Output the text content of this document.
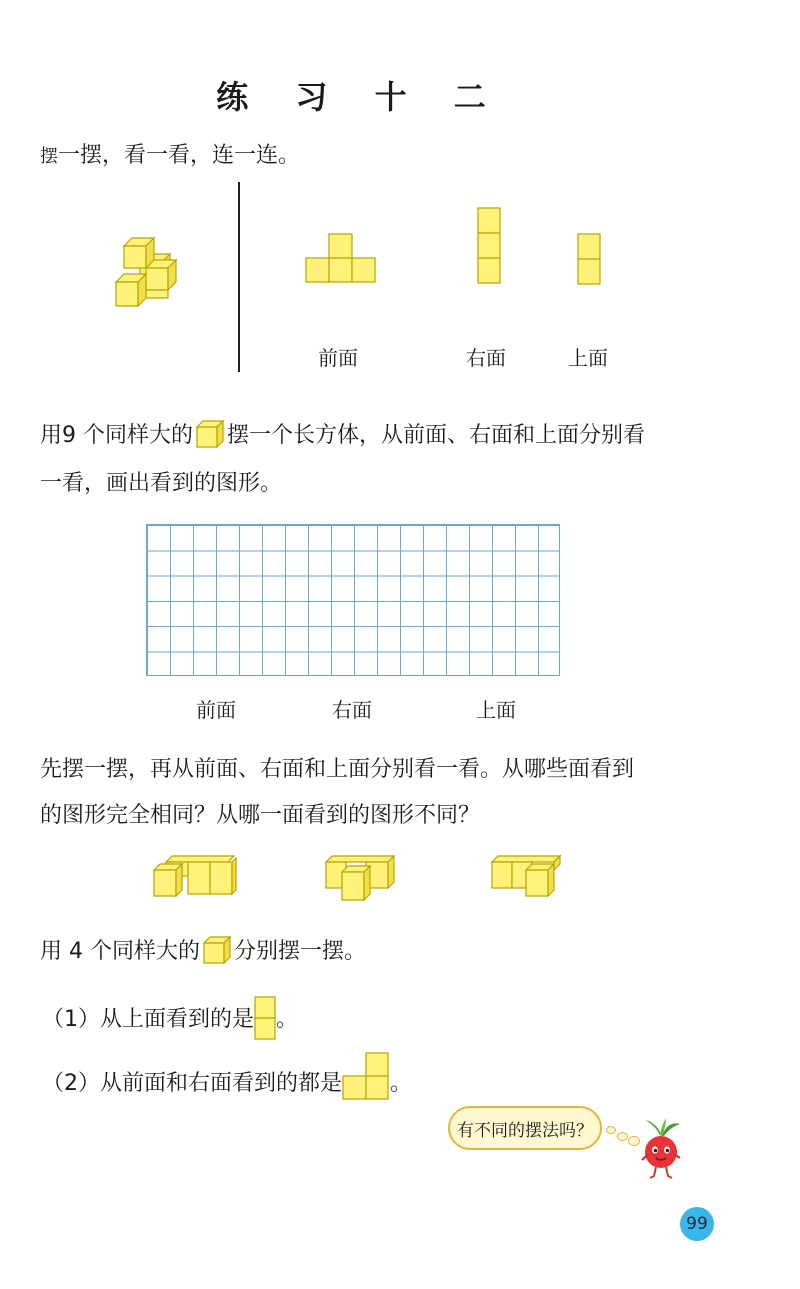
练 习 十 二
摆一摆，看一看，连一连。
前面	右面	上面
用9 个同样大的 摆一个长方体，从前面、右面和上面分别看
一看，画出看到的图形。
前面	右面	上面
先摆一摆，再从前面、右面和上面分别看一看。从哪些面看到
的图形完全相同？从哪一面看到的图形不同？
用 4 个同样大的 分别摆一摆。
（1）从上面看到的是 。
（2）从前面和右面看到的都是 。
有不同的摆法吗？
99
